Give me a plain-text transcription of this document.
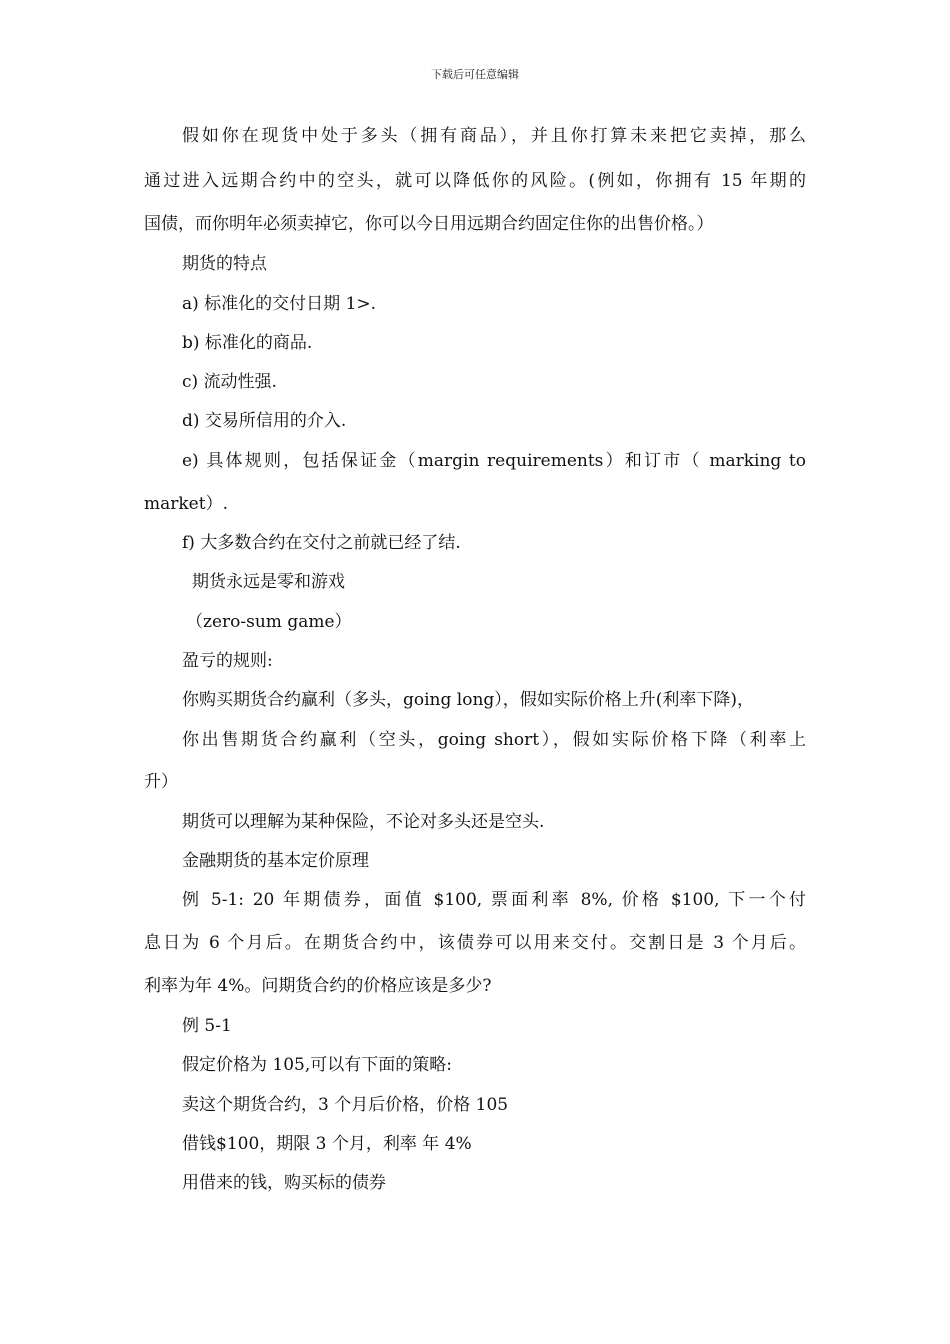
下载后可任意编辑
假如你在现货中处于多头（拥有商品），并且你打算未来把它卖掉，那么
通过进入远期合约中的空头，就可以降低你的风险。(例如，你拥有 15 年期的
国债，而你明年必须卖掉它，你可以今日用远期合约固定住你的出售价格。）
期货的特点
a) 标准化的交付日期 1>.
b) 标准化的商品.
c) 流动性强.
d) 交易所信用的介入.
e) 具体规则，包括保证金（margin requirements）和订市（ marking to
market）.
f) 大多数合约在交付之前就已经了结.
期货永远是零和游戏
（zero-sum game）
盈亏的规则:
你购买期货合约赢利（多头，going long），假如实际价格上升(利率下降)，
你出售期货合约赢利（空头，going short），假如实际价格下降（利率上
升）
期货可以理解为某种保险，不论对多头还是空头.
金融期货的基本定价原理
例 5-1: 20 年期债券，面值 $100, 票面利率 8%, 价格 $100, 下一个付
息日为 6 个月后。在期货合约中，该债券可以用来交付。交割日是 3 个月后。
利率为年 4%。问期货合约的价格应该是多少?
例 5-1
假定价格为 105,可以有下面的策略:
卖这个期货合约，3 个月后价格，价格 105
借钱$100，期限 3 个月，利率 年 4%
用借来的钱，购买标的债券
